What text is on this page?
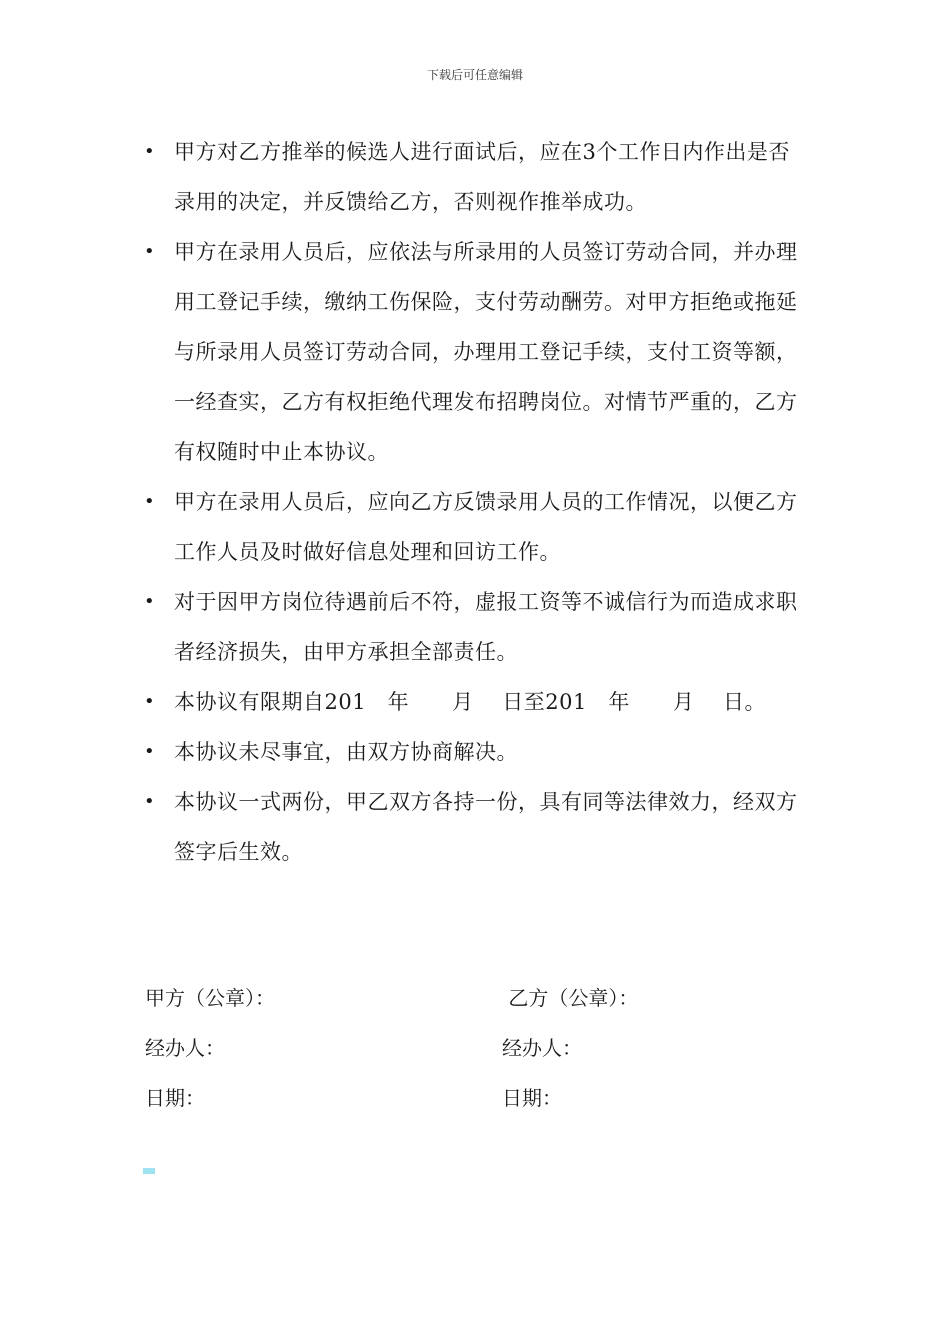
下载后可任意编辑
• 甲方对乙方推举的候选人进行面试后，应在3个工作日内作出是否录用的决定，并反馈给乙方，否则视作推举成功。
• 甲方在录用人员后，应依法与所录用的人员签订劳动合同，并办理用工登记手续，缴纳工伤保险，支付劳动酬劳。对甲方拒绝或拖延与所录用人员签订劳动合同，办理用工登记手续，支付工资等额，一经查实，乙方有权拒绝代理发布招聘岗位。对情节严重的，乙方有权随时中止本协议。
• 甲方在录用人员后，应向乙方反馈录用人员的工作情况，以便乙方工作人员及时做好信息处理和回访工作。
• 对于因甲方岗位待遇前后不符，虚报工资等不诚信行为而造成求职者经济损失，由甲方承担全部责任。
• 本协议有限期自201　年　　月　 日至201　年　　月　 日。
• 本协议未尽事宜，由双方协商解决。
• 本协议一式两份，甲乙双方各持一份，具有同等法律效力，经双方签字后生效。
甲方（公章）：	乙方（公章）：
经办人：	经办人：
日期：	日期：
